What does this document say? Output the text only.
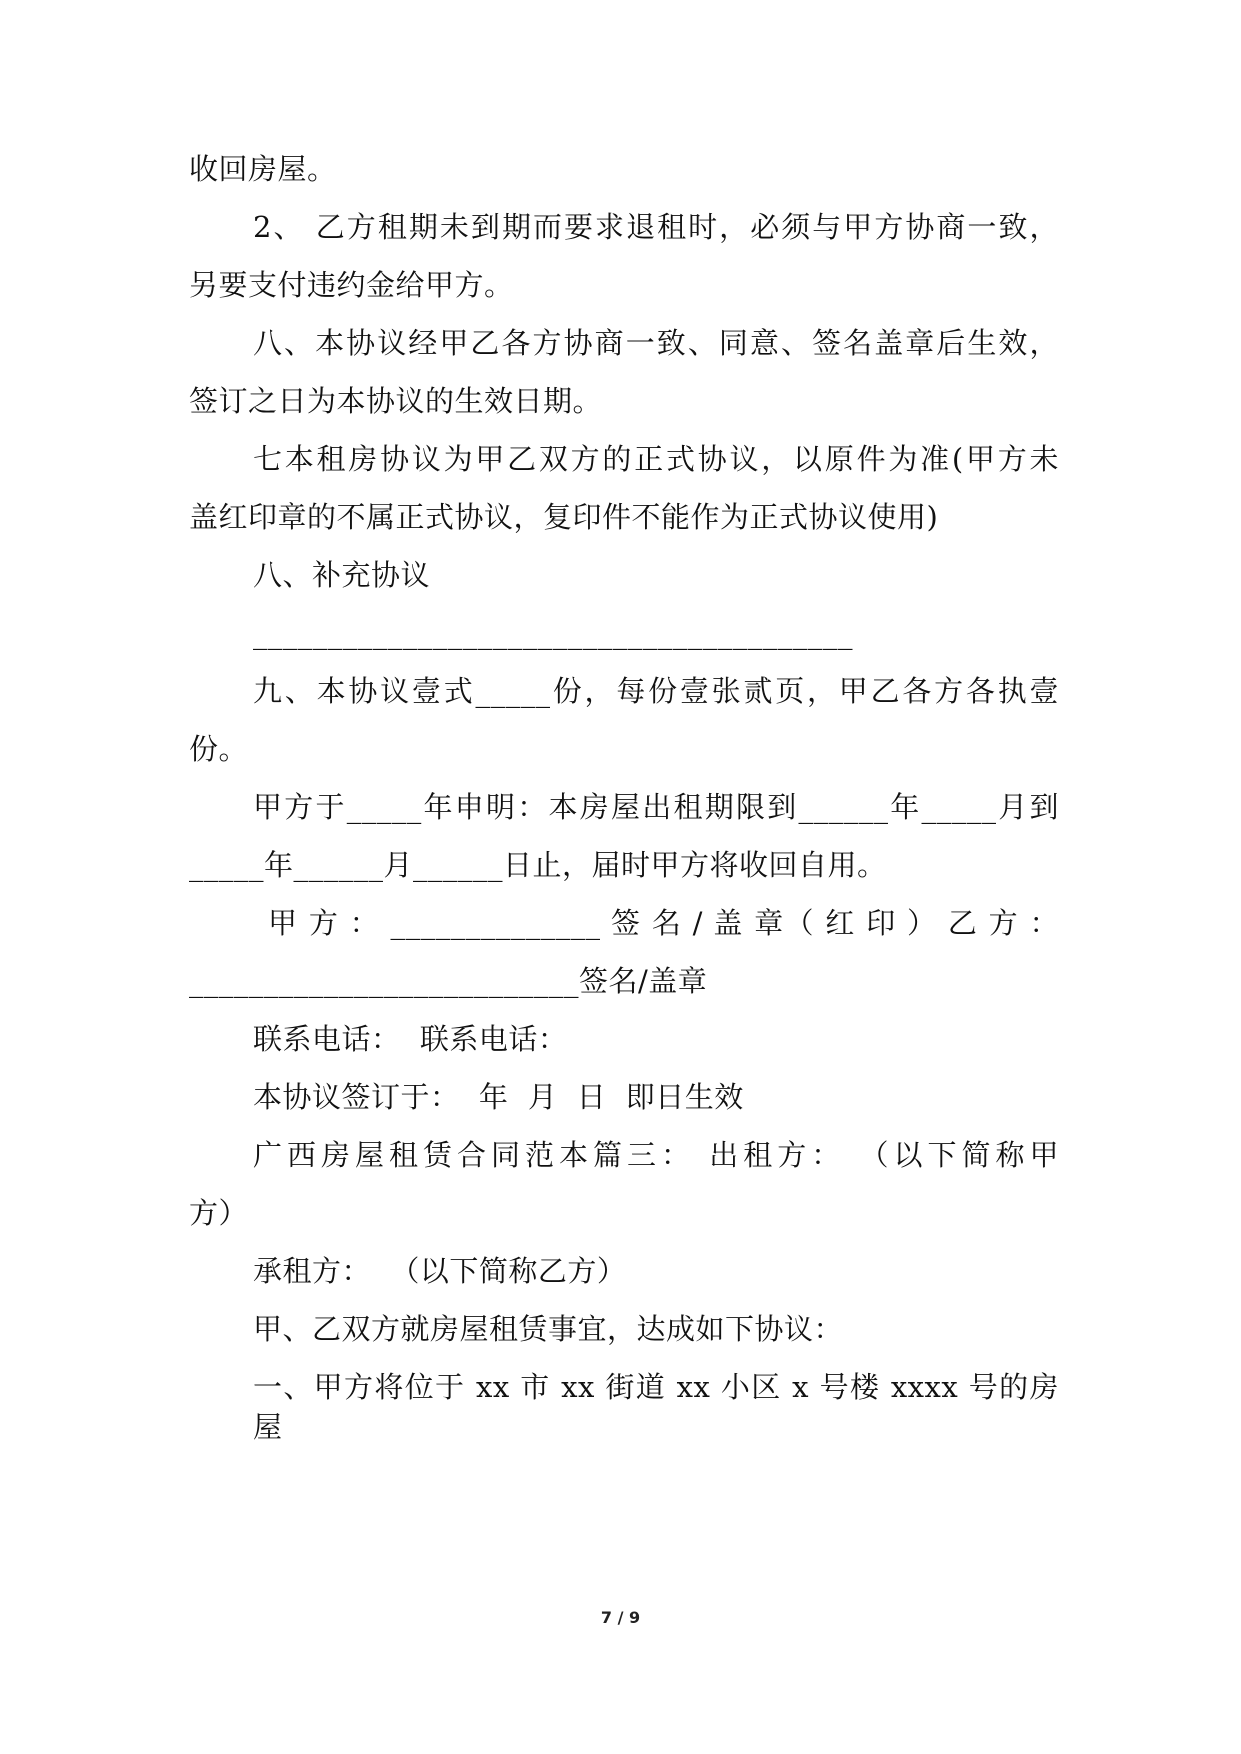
收回房屋。
2、 乙方租期未到期而要求退租时，必须与甲方协商一致，
另要支付违约金给甲方。
八、本协议经甲乙各方协商一致、同意、签名盖章后生效，
签订之日为本协议的生效日期。
七本租房协议为甲乙双方的正式协议，以原件为准(甲方未
盖红印章的不属正式协议，复印件不能作为正式协议使用)
八、补充协议
________________________________________
九、本协议壹式_____份，每份壹张贰页，甲乙各方各执壹
份。
甲方于_____年申明：本房屋出租期限到______年_____月到
_____年______月______日止，届时甲方将收回自用。
甲 方 ： ______________ 签 名 / 盖 章（ 红 印 ） 乙 方 ：
__________________________签名/盖章
联系电话：  联系电话：
本协议签订于：  年  月  日  即日生效
广西房屋租赁合同范本篇三： 出租方： （以下简称甲
方）
承租方：  （以下简称乙方）
甲、乙双方就房屋租赁事宜，达成如下协议：
一、甲方将位于 xx 市 xx 街道 xx 小区 x 号楼 xxxx 号的房屋
7 / 9
